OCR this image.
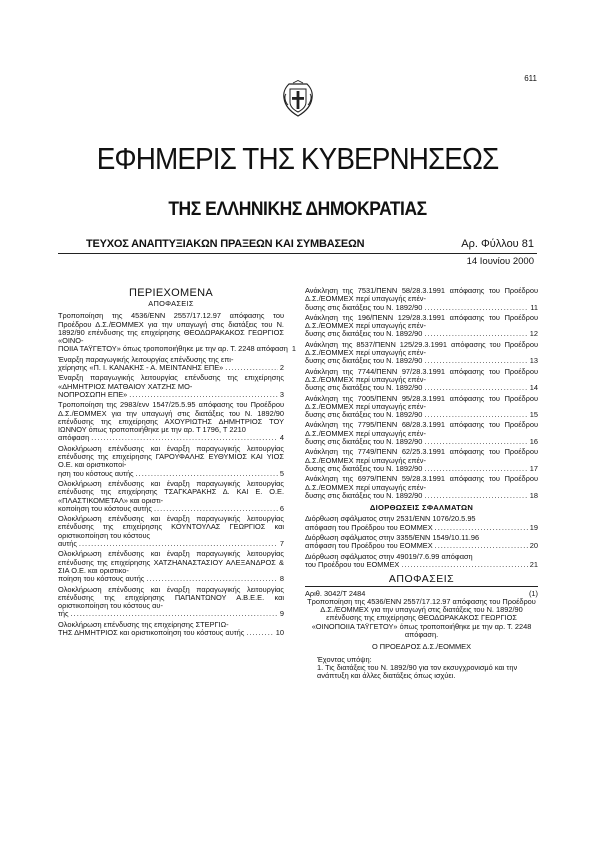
611
ΕΦΗΜΕΡΙΣ ΤΗΣ ΚΥΒΕΡΝΗΣΕΩΣ
ΤΗΣ ΕΛΛΗΝΙΚΗΣ ΔΗΜΟΚΡΑΤΙΑΣ
ΤΕΥΧΟΣ ΑΝΑΠΤΥΞΙΑΚΩΝ ΠΡΑΞΕΩΝ ΚΑΙ ΣΥΜΒΑΣΕΩΝ	Αρ. Φύλλου 81
14 Ιουνίου 2000
ΠΕΡΙΕΧΟΜΕΝΑ
ΑΠΟΦΑΣΕΙΣ
Τροποποίηση της 4536/ΕΝΝ 2557/17.12.97 απόφασης του Προέδρου Δ.Σ./ΕΟΜΜΕΧ για την υπαγωγή στις διατάξεις του Ν. 1892/90 επένδυσης της επιχείρησης ΘΕΟΔΩΡΑΚΑΚΟΣ ΓΕΩΡΓΙΟΣ «ΟΙΝΟ-
ΠΟΙΙΑ ΤΑΫΓΕΤΟΥ» όπως τροποποιήθηκε με την αρ. Τ. 2248 απόφαση 1
Έναρξη παραγωγικής λειτουργίας επένδυσης της επι-
χείρησης «Π. Ι. ΚΑΝΑΚΗΣ - Α. ΜΕΙΝΤΑΝΗΣ ΕΠΕ» .....	2
Έναρξη παραγωγικής λειτουργίας επένδυσης της επιχείρησης «ΔΗΜΗΤΡΙΟΣ ΜΑΤΘΑΙΟΥ ΧΑΤΖΗΣ ΜΟ-
ΝΟΠΡΟΣΩΠΗ ΕΠΕ» .....	3
Τροποποίηση της 2983/ενν 1547/25.5.95 απόφασης του Προέδρου Δ.Σ./ΕΟΜΜΕΧ για την υπαγωγή στις διατάξεις του Ν. 1892/90 επένδυσης της επιχείρησης ΑΧΟΥΡΙΩΤΗΣ ΔΗΜΗΤΡΙΟΣ ΤΟΥ ΙΩΝΝΟΥ όπως τροποποιήθηκε με την αρ. Τ 1796, Τ 2210
απόφαση .....	4
Ολοκλήρωση επένδυσης και έναρξη παραγωγικής λειτουργίας επένδυσης της επιχείρησης ΓΑΡΟΥΦΑΛΗΣ ΕΥΘΥΜΙΟΣ ΚΑΙ ΥΙΟΣ Ο.Ε. και οριστικοποί-
ηση του κόστους αυτής .....	5
Ολοκλήρωση επένδυσης και έναρξη παραγωγικής λειτουργίας επένδυσης της επιχείρησης ΤΣΑΓΚΑΡΑΚΗΣ Δ. ΚΑΙ Ε. Ο.Ε. «ΠΛΑΣΤΙΚΟΜΕΤΑΛ» και οριστι-
κοποίηση του κόστους αυτής .....	6
Ολοκλήρωση επένδυσης και έναρξη παραγωγικής λειτουργίας επένδυσης της επιχείρησης ΚΟΥΝΤΟΥΛΑΣ ΓΕΩΡΓΙΟΣ και οριστικοποίηση του κόστους
αυτής .....	7
Ολοκλήρωση επένδυσης και έναρξη παραγωγικής λειτουργίας επένδυσης της επιχείρησης ΧΑΤΖΗΑΝΑΣΤΑΣΙΟΥ ΑΛΕΞΑΝΔΡΟΣ & ΣΙΑ Ο.Ε. και οριστικο-
ποίηση του κόστους αυτής .....	8
Ολοκλήρωση επένδυσης και έναρξη παραγωγικής λειτουργίας επένδυσης της επιχείρησης ΠΑΠΑΝΤΩΝΟΥ Α.Β.Ε.Ε. και οριστικοποίηση του κόστους αυ-
τής .....	9
Ολοκλήρωση επένδυσης της επιχείρησης ΣΤΕΡΓΙΩ-
ΤΗΣ ΔΗΜΗΤΡΙΟΣ και οριστικοποίηση του κόστους αυτής .....	10
Ανάκληση της 7531/ΠΕΝΝ 58/28.3.1991 απόφασης του Προέδρου Δ.Σ./ΕΟΜΜΕΧ περί υπαγωγής επέν-
δυσης στις διατάξεις του Ν. 1892/90 .....	11
Ανάκληση της 196/ΠΕΝΝ 129/28.3.1991 απόφασης του Προέδρου Δ.Σ./ΕΟΜΜΕΧ περί υπαγωγής επέν-
δυσης στις διατάξεις του Ν. 1892/90 .....	12
Ανάκληση της 8537/ΠΕΝΝ 125/29.3.1991 απόφασης του Προέδρου Δ.Σ./ΕΟΜΜΕΧ περί υπαγωγής επέν-
δυσης στις διατάξεις του Ν. 1892/90 .....	13
Ανάκληση της 7744/ΠΕΝΝ 97/28.3.1991 απόφασης του Προέδρου Δ.Σ./ΕΟΜΜΕΧ περί υπαγωγής επέν-
δυσης στις διατάξεις του Ν. 1892/90 .....	14
Ανάκληση της 7005/ΠΕΝΝ 95/28.3.1991 απόφασης του Προέδρου Δ.Σ./ΕΟΜΜΕΧ περί υπαγωγής επέν-
δυσης στις διατάξεις του Ν. 1892/90 .....	15
Ανάκληση της 7795/ΠΕΝΝ 68/28.3.1991 απόφασης του Προέδρου Δ.Σ./ΕΟΜΜΕΧ περί υπαγωγής επέν-
δυσης στις διατάξεις του Ν. 1892/90 .....	16
Ανάκληση της 7749/ΠΕΝΝ 62/25.3.1991 απόφασης του Προέδρου Δ.Σ./ΕΟΜΜΕΧ περί υπαγωγής επέν-
δυσης στις διατάξεις του Ν. 1892/90 .....	17
Ανάκληση της 6979/ΠΕΝΝ 59/28.3.1991 απόφασης του Προέδρου Δ.Σ./ΕΟΜΜΕΧ περί υπαγωγής επέν-
δυσης στις διατάξεις του Ν. 1892/90 .....	18
ΔΙΟΡΘΩΣΕΙΣ ΣΦΑΛΜΑΤΩΝ
Διόρθωση σφάλματος στην 2531/ΕΝΝ 1076/20.5.95
απόφαση του Προέδρου του ΕΟΜΜΕΧ .....	19
Διόρθωση σφάλματος στην 3355/ΕΝΝ 1549/10.11.96
απόφαση του Προέδρου του ΕΟΜΜΕΧ .....	20
Διόρθωση σφάλματος στην 49019/7.6.99 απόφαση
του Προέδρου του ΕΟΜΜΕΧ .....	21
ΑΠΟΦΑΣΕΙΣ
Αριθ. 3042/Τ 2484	(1)
Τροποποίηση της 4536/ΕΝΝ 2557/17.12.97 απόφασης του Προέδρου Δ.Σ./ΕΟΜΜΕΧ για την υπαγωγή στις διατάξεις του Ν. 1892/90 επένδυσης της επιχείρησης ΘΕΟΔΩΡΑΚΑΚΟΣ ΓΕΩΡΓΙΟΣ «ΟΙΝΟΠΟΙΙΑ ΤΑΫΓΕΤΟΥ» όπως τροποποιήθηκε με την αρ. Τ. 2248 απόφαση.
Ο ΠΡΟΕΔΡΟΣ Δ.Σ./ΕΟΜΜΕΧ
Έχοντας υπόψη:
1. Τις διατάξεις του Ν. 1892/90 για τον εκσυγχρονισμό και την ανάπτυξη και άλλες διατάξεις όπως ισχύει.
